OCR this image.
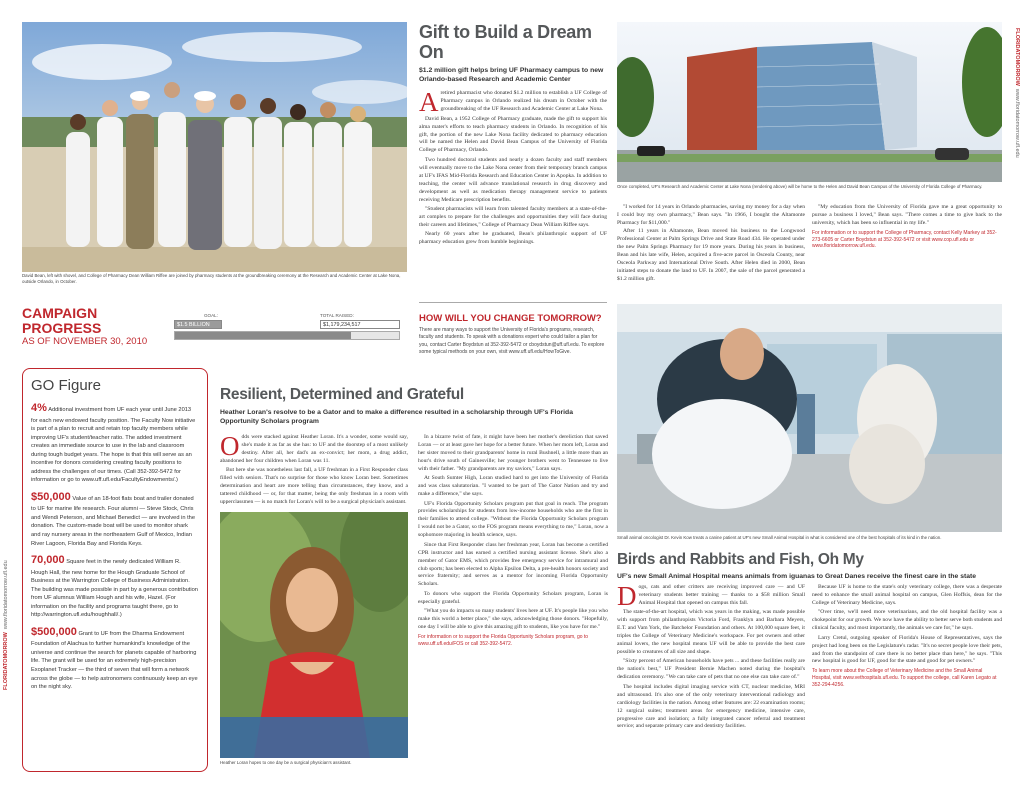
FLORIDATOMORROWwww.floridatomorrow.ufl.edu
FLORIDATOMORROWwww.floridatomorrow.ufl.edu
David Bean, left with shovel, and College of Pharmacy Dean William Riffee are joined by pharmacy students at the groundbreaking ceremony at the Research and Academic Center at Lake Nona, outside Orlando, in October.
Gift to Build a Dream On
$1.2 million gift helps bring UF Pharmacy campus to new Orlando-based Research and Academic Center

Aretired pharmacist who donated $1.2 million to establish a UF College of Pharmacy campus in Orlando realized his dream in October with the groundbreaking of the UF Research and Academic Center at Lake Nona.

David Bean, a 1952 College of Pharmacy graduate, made the gift to support his alma mater's efforts to teach pharmacy students in Orlando. In recognition of his gift, the portion of the new Lake Nona facility dedicated to pharmacy education will be named the Helen and David Bean Campus of the University of Florida College of Pharmacy, Orlando.

Two hundred doctoral students and nearly a dozen faculty and staff members will eventually move to the Lake Nona center from their temporary branch campus at UF's IFAS Mid-Florida Research and Education Center in Apopka. In addition to teaching, the center will advance translational research in drug discovery and development as well as medication therapy management service to patients receiving Medicare prescription benefits.

"Student pharmacists will learn from talented faculty members at a state-of-the-art complex to prepare for the challenges and opportunities they will face during their careers and lifetimes," College of Pharmacy Dean William Riffee says.

Nearly 60 years after he graduated, Bean's philanthropic support of UF pharmacy education grew from humble beginnings.

Once completed, UF's Research and Academic Center at Lake Nona (rendering above) will be home to the Helen and David Bean Campus of the University of Florida College of Pharmacy.

"I worked for 14 years in Orlando pharmacies, saving my money for a day when I could buy my own pharmacy," Bean says. "In 1966, I bought the Altamonte Pharmacy for $11,000."

After 11 years in Altamonte, Bean moved his business to the Longwood Professional Center at Palm Springs Drive and State Road 434. He operated under the new Palm Springs Pharmacy for 19 more years. During his years in business, Bean and his late wife, Helen, acquired a five-acre parcel in Osceola County, near Osceola Parkway and International Drive South. After Helen died in 2000, Bean initiated steps to donate the land to UF. In 2007, the sale of the parcel generated a $1.2 million gift.

"My education from the University of Florida gave me a great opportunity to pursue a business I loved," Bean says. "There comes a time to give back to the university, which has been so influential in my life."

For information or to support the College of Pharmacy, contact Kelly Markey at 352-273-6605 or Carter Boydstun at 352-392-5472 or visit www.cop.ufl.edu or www.floridatomorrow.ufl.edu.
CAMPAIGN PROGRESS
AS OF NOVEMBER 30, 2010
GOAL:	TOTAL RAISED:
$1.5 BILLION	$1,179,234,517
HOW WILL YOU CHANGE TOMORROW?
There are many ways to support the University of Florida's programs, research, faculty and students. To speak with a donations expert who could tailor a plan for you, contact Carter Boydstun at 352-392-5472 or cboydstun@uff.ufl.edu. To explore some typical methods on your own, visit www.uff.ufl.edu/HowToGive.
GO Figure

4% Additional investment from UF each year until June 2013 for each new endowed faculty position. The Faculty Now initiative is part of a plan to recruit and retain top faculty members while improving UF's student/teacher ratio. The added investment creates an immediate source to use in the lab and classroom during tough budget years. The hope is that this will serve as an incentive for donors considering creating faculty positions to address the challenges of our times. (Call 352-392-5472 for information or go to www.uff.ufl.edu/FacultyEndowments/.)

$50,000 Value of an 18-foot flats boat and trailer donated to UF for marine life research. Four alumni — Steve Stock, Chris and Wendi Peterson, and Michael Benedict — are involved in the donation. The custom-made boat will be used to monitor shark and ray nursery areas in the northeastern Gulf of Mexico, Indian River Lagoon, Florida Bay and Florida Keys.

70,000 Square feet in the newly dedicated William R. Hough Hall, the new home for the Hough Graduate School of Business at the Warrington College of Business Administration. The building was made possible in part by a generous contribution from UF alumnus William Hough and his wife, Hazel. (For information on the facility and programs taught there, go to http://warrington.ufl.edu/houghhall/.)

$500,000 Grant to UF from the Dharma Endowment Foundation of Alachua to further humankind's knowledge of the universe and continue the search for planets capable of harboring life. The grant will be used for an extremely high-precision Exoplanet Tracker — the third of seven that will form a network across the globe — to help astronomers continuously keep an eye on the night sky.

Resilient, Determined and Grateful
Heather Loran's resolve to be a Gator and to make a difference resulted in a scholarship through UF's Florida Opportunity Scholars program

Odds were stacked against Heather Loran. It's a wonder, some would say, she's made it as far as she has: to UF and the doorstep of a most unlikely destiny. After all, her dad's an ex-convict; her mom, a drug addict, abandoned her four children when Loran was 11.

But here she was nonetheless last fall, a UF freshman in a First Responder class filled with seniors. That's no surprise for those who know Loran best. Sometimes determination and heart are more telling than circumstances, they know, and a tattered childhood — or, for that matter, being the only freshman in a room with upperclassmen — is no match for Loran's will to be a surgical physician's assistant.

Heather Loran hopes to one day be a surgical physician's assistant.

In a bizarre twist of fate, it might have been her mother's dereliction that saved Loran — or at least gave her hope for a better future. When her mom left, Loran and her sister moved to their grandparents' home in rural Bushnell, a little more than an hour's drive south of Gainesville; her younger brothers went to Tennessee to live with their father. "My grandparents are my saviors," Loran says.

At South Sumter High, Loran studied hard to get into the University of Florida and was class salutatorian. "I wanted to be part of The Gator Nation and try and make a difference," she says.

UF's Florida Opportunity Scholars program put that goal in reach. The program provides scholarships for students from low-income households who are the first in their families to attend college. "Without the Florida Opportunity Scholars program I would not be a Gator, so the FOS program means everything to me," Loran, now a sophomore majoring in health science, says.

Since that First Responder class her freshman year, Loran has become a certified CPR instructor and has earned a certified nursing assistant license. She's also a member of Gator EMS, which provides free emergency service for intramural and club sports; has been elected to Alpha Epsilon Delta, a pre-health honors society and service fraternity; and serves as a mentor for incoming Florida Opportunity Scholars.

To donors who support the Florida Opportunity Scholars program, Loran is especially grateful.

"What you do impacts so many students' lives here at UF. It's people like you who make this world a better place," she says, acknowledging those donors. "Hopefully, one day I will be able to give this amazing gift to students, like you have for me."

For information or to support the Florida Opportunity Scholars program, go to www.uff.ufl.edu/FOS or call 352-392-5472.
Small animal oncologist Dr. Kevin Kow treats a canine patient at UF's new Small Animal Hospital in what is considered one of the best hospitals of its kind in the nation.
Birds and Rabbits and Fish, Oh My
UF's new Small Animal Hospital means animals from iguanas to Great Danes receive the finest care in the state

Dogs, cats and other critters are receiving improved care — and UF veterinary students better training — thanks to a $58 million Small Animal Hospital that opened on campus this fall.

The state-of-the-art hospital, which was years in the making, was made possible with support from philanthropists Victoria Ford, Franklyn and Barbara Meyers, E.T. and Vam York, the Batchelor Foundation and others. At 100,000 square feet, it triples the College of Veterinary Medicine's workspace. For pet owners and other animal lovers, the new hospital means UF will be able to provide the best care possible to creatures of all size and shape.

"Sixty percent of American households have pets ... and these facilities really are the nation's best," UF President Bernie Machen noted during the hospital's dedication ceremony. "We can take care of pets that no one else can take care of."

The hospital includes digital imaging service with CT, nuclear medicine, MRI and ultrasound. It's also one of the only veterinary interventional radiology and cardiology facilities in the nation. Among other features are: 22 examination rooms; 12 surgical suites; treatment areas for emergency medicine, intensive care, progressive care and isolation; a fully integrated cancer referral and treatment service; and separate primary care and dentistry facilities.

Because UF is home to the state's only veterinary college, there was a desperate need to enhance the small animal hospital on campus, Glen Hoffsis, dean for the College of Veterinary Medicine, says.

"Over time, we'll need more veterinarians, and the old hospital facility was a chokepoint for our growth. We now have the ability to better serve both students and clinical faculty, and most importantly, the animals we care for," he says.

Larry Cretul, outgoing speaker of Florida's House of Representatives, says the project had long been on the Legislature's radar. "It's no secret people love their pets, and from the standpoint of care there is no better place than here," he says. "This new hospital is good for UF, good for the state and good for pet owners."

To learn more about the College of Veterinary Medicine and the Small Animal Hospital, visit www.vethospitals.ufl.edu. To support the college, call Karen Legato at 352-294-4256.
